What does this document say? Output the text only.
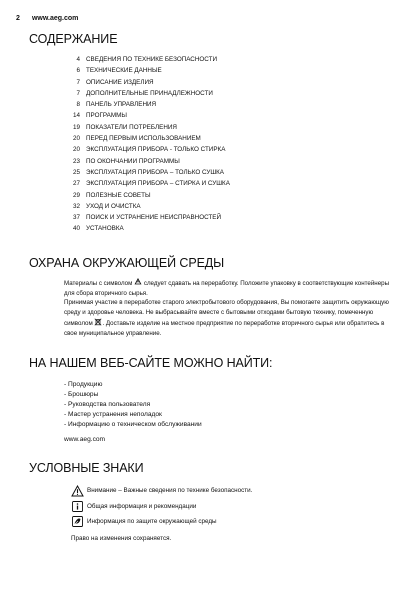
2 www.aeg.com
СОДЕРЖАНИЕ
4 СВЕДЕНИЯ ПО ТЕХНИКЕ БЕЗОПАСНОСТИ
6 ТЕХНИЧЕСКИЕ ДАННЫЕ
7 ОПИСАНИЕ ИЗДЕЛИЯ
7 ДОПОЛНИТЕЛЬНЫЕ ПРИНАДЛЕЖНОСТИ
8 ПАНЕЛЬ УПРАВЛЕНИЯ
14 ПРОГРАММЫ
19 ПОКАЗАТЕЛИ ПОТРЕБЛЕНИЯ
20 ПЕРЕД ПЕРВЫМ ИСПОЛЬЗОВАНИЕМ
20 ЭКСПЛУАТАЦИЯ ПРИБОРА - ТОЛЬКО СТИРКА
23 ПО ОКОНЧАНИИ ПРОГРАММЫ
25 ЭКСПЛУАТАЦИЯ ПРИБОРА – ТОЛЬКО СУШКА
27 ЭКСПЛУАТАЦИЯ ПРИБОРА – СТИРКА И СУШКА
29 ПОЛЕЗНЫЕ СОВЕТЫ
32 УХОД И ОЧИСТКА
37 ПОИСК И УСТРАНЕНИЕ НЕИСПРАВНОСТЕЙ
40 УСТАНОВКА
ОХРАНА ОКРУЖАЮЩЕЙ СРЕДЫ

Материалы с символом следует сдавать на переработку. Положите упаковку в соответствующие контейнеры для сбора вторичного сырья.

Принимая участие в переработке старого электробытового оборудования, Вы помогаете защитить окружающую среду и здоровье человека. Не выбрасывайте вместе с бытовыми отходами бытовую технику, помеченную символом . Доставьте изделие на местное предприятие по переработке вторичного сырья или обратитесь в свое муниципальное управление.

НА НАШЕМ ВЕБ-САЙТЕ МОЖНО НАЙТИ:
- Продукцию
- Брошюры
- Руководства пользователя
- Мастер устранения неполадок
- Информацию о техническом обслуживании
www.aeg.com
УСЛОВНЫЕ ЗНАКИ
Внимание – Важные сведения по технике безопасности.
Общая информация и рекомендации
Информация по защите окружающей среды
Право на изменения сохраняется.
